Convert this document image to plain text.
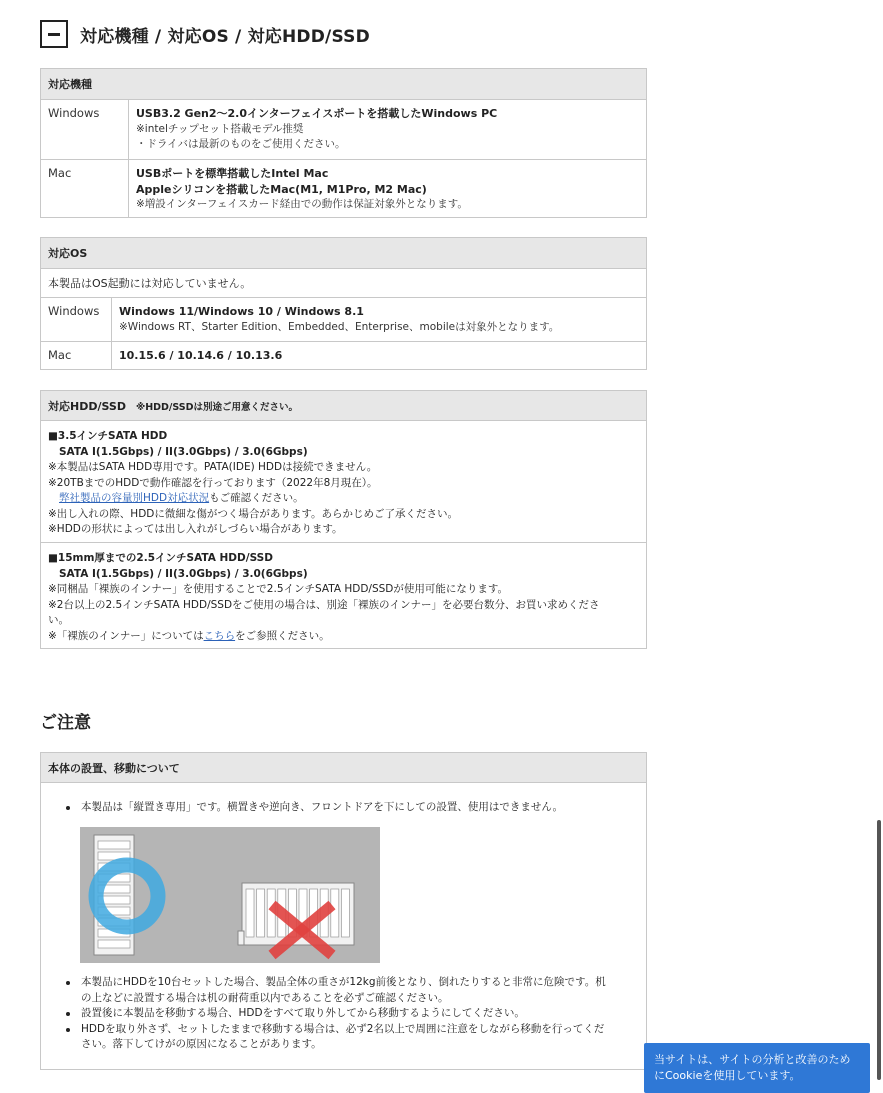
対応機種 / 対応OS / 対応HDD/SSD
対応機種
Windows	USB3.2 Gen2〜2.0インターフェイスポートを搭載したWindows PC
※intelチップセット搭載モデル推奨
・ドライバは最新のものをご使用ください。
Mac	USBポートを標準搭載したIntel Mac
Appleシリコンを搭載したMac(M1, M1Pro, M2 Mac)
※増設インターフェイスカード経由での動作は保証対象外となります。
対応OS
本製品はOS起動には対応していません。
Windows	Windows 11/Windows 10 / Windows 8.1
※Windows RT、Starter Edition、Embedded、Enterprise、mobileは対象外となります。
Mac	10.15.6 / 10.14.6 / 10.13.6
対応HDD/SSD ※HDD/SSDは別途ご用意ください。
■3.5インチSATA HDD
SATA I(1.5Gbps) / II(3.0Gbps) / 3.0(6Gbps)
※本製品はSATA HDD専用です。PATA(IDE) HDDは接続できません。
※20TBまでのHDDで動作確認を行っております（2022年8月現在）。
弊社製品の容量別HDD対応状況もご確認ください。
※出し入れの際、HDDに微細な傷がつく場合があります。あらかじめご了承ください。
※HDDの形状によっては出し入れがしづらい場合があります。
■15mm厚までの2.5インチSATA HDD/SSD
SATA I(1.5Gbps) / II(3.0Gbps) / 3.0(6Gbps)
※同梱品「裸族のインナー」を使用することで2.5インチSATA HDD/SSDが使用可能になります。
※2台以上の2.5インチSATA HDD/SSDをご使用の場合は、別途「裸族のインナー」を必要台数分、お買い求めくださ
い。
※「裸族のインナー」についてはこちらをご参照ください。
ご注意
本体の設置、移動について
本製品は「縦置き専用」です。横置きや逆向き、フロントドアを下にしての設置、使用はできません。
本製品にHDDを10台セットした場合、製品全体の重さが12kg前後となり、倒れたりすると非常に危険です。机
の上などに設置する場合は机の耐荷重以内であることを必ずご確認ください。
設置後に本製品を移動する場合、HDDをすべて取り外してから移動するようにしてください。
HDDを取り外さず、セットしたままで移動する場合は、必ず2名以上で周囲に注意をしながら移動を行ってくだ
さい。落下してけがの原因になることがあります。
当サイトは、サイトの分析と改善のため
にCookieを使用しています。
